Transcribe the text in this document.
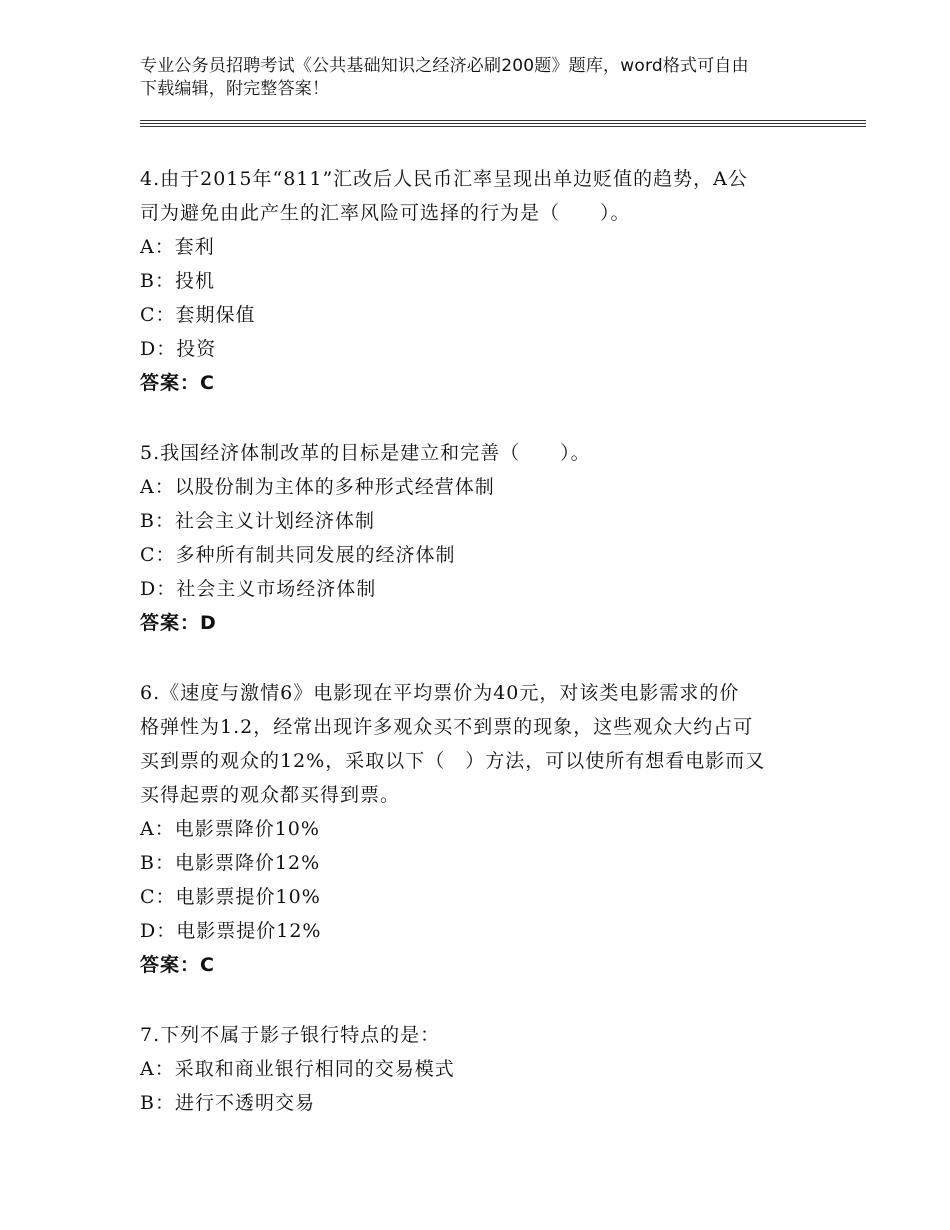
专业公务员招聘考试《公共基础知识之经济必刷200题》题库，word格式可自由
下载编辑，附完整答案！
4.由于2015年“811”汇改后人民币汇率呈现出单边贬值的趋势，A公
司为避免由此产生的汇率风险可选择的行为是（　　）。
A：套利
B：投机
C：套期保值
D：投资
答案：C
5.我国经济体制改革的目标是建立和完善（　　）。
A：以股份制为主体的多种形式经营体制
B：社会主义计划经济体制
C：多种所有制共同发展的经济体制
D：社会主义市场经济体制
答案：D
6.《速度与激情6》电影现在平均票价为40元，对该类电影需求的价
格弹性为1.2，经常出现许多观众买不到票的现象，这些观众大约占可
买到票的观众的12%，采取以下（　）方法，可以使所有想看电影而又
买得起票的观众都买得到票。
A：电影票降价10%
B：电影票降价12%
C：电影票提价10%
D：电影票提价12%
答案：C
7.下列不属于影子银行特点的是：
A：采取和商业银行相同的交易模式
B：进行不透明交易
